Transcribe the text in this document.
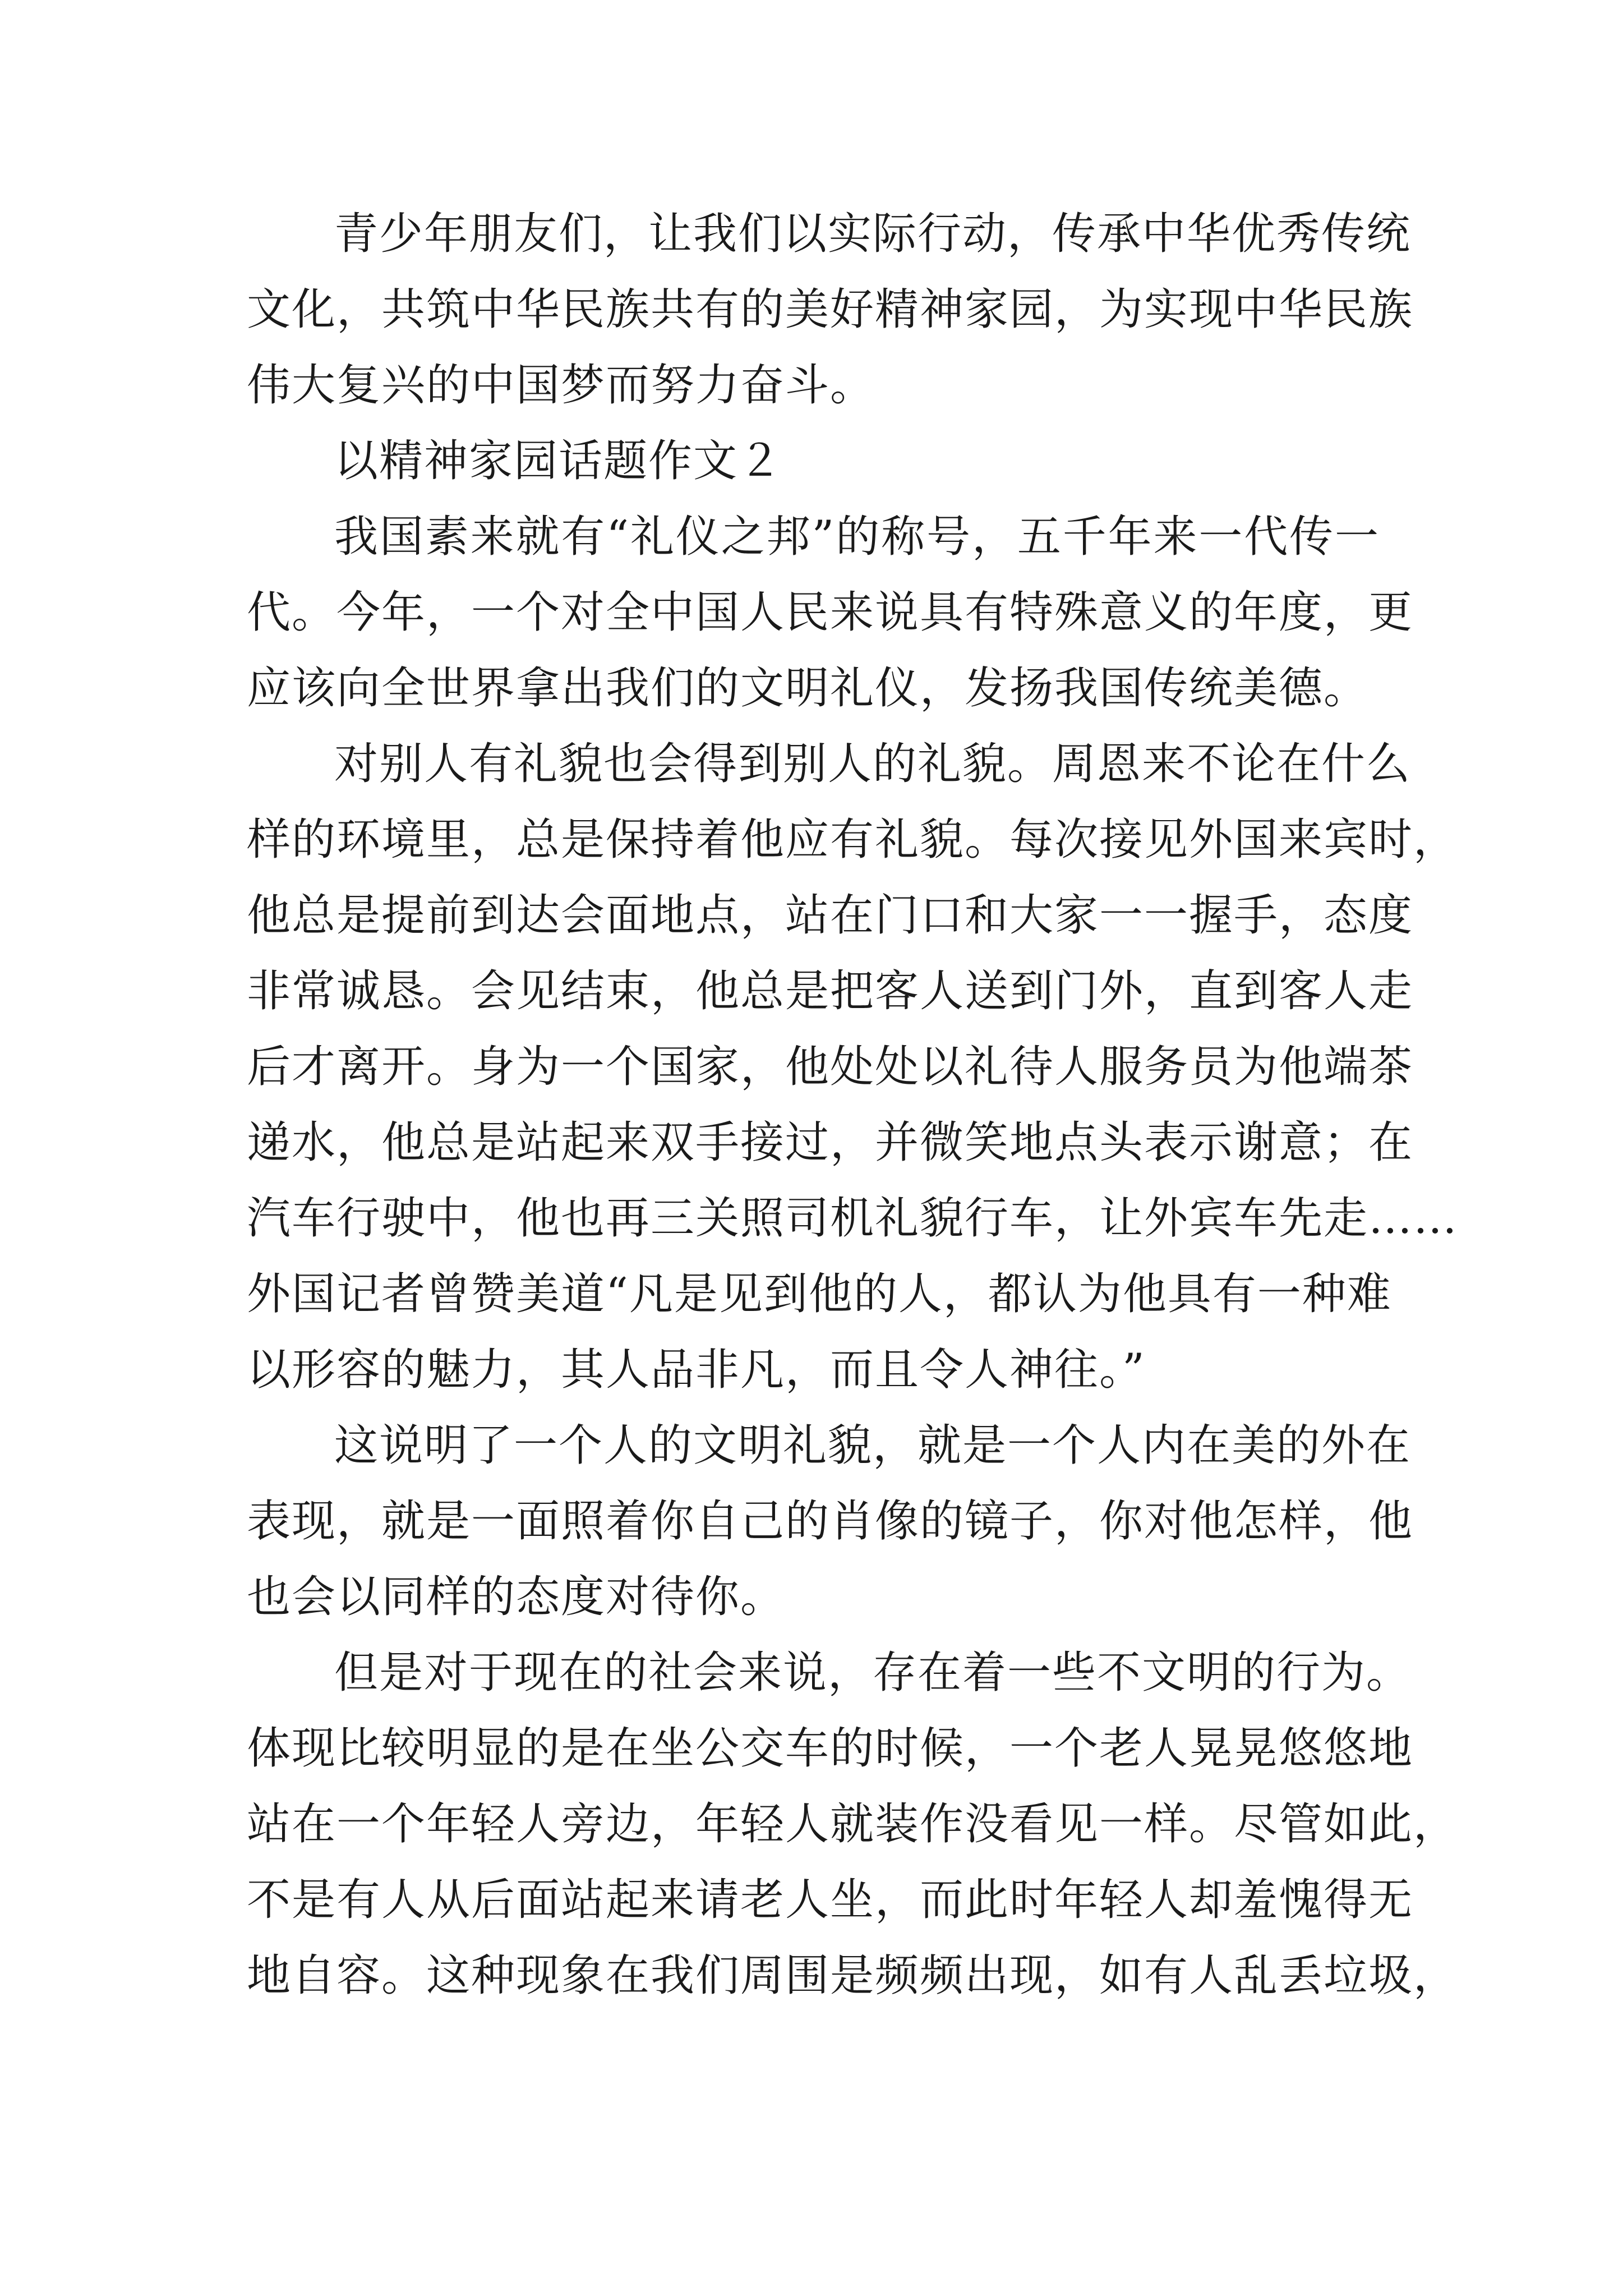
青少年朋友们，让我们以实际行动，传承中华优秀传统
文化，共筑中华民族共有的美好精神家园，为实现中华民族
伟大复兴的中国梦而努力奋斗。
以精神家园话题作文２
我国素来就有“礼仪之邦”的称号，五千年来一代传一
代。今年，一个对全中国人民来说具有特殊意义的年度，更
应该向全世界拿出我们的文明礼仪，发扬我国传统美德。
对别人有礼貌也会得到别人的礼貌。周恩来不论在什么
样的环境里，总是保持着他应有礼貌。每次接见外国来宾时，
他总是提前到达会面地点，站在门口和大家一一握手，态度
非常诚恳。会见结束，他总是把客人送到门外，直到客人走
后才离开。身为一个国家，他处处以礼待人服务员为他端茶
递水，他总是站起来双手接过，并微笑地点头表示谢意；在
汽车行驶中，他也再三关照司机礼貌行车，让外宾车先走……
外国记者曾赞美道“凡是见到他的人，都认为他具有一种难
以形容的魅力，其人品非凡，而且令人神往。”
这说明了一个人的文明礼貌，就是一个人内在美的外在
表现，就是一面照着你自己的肖像的镜子，你对他怎样，他
也会以同样的态度对待你。
但是对于现在的社会来说，存在着一些不文明的行为。
体现比较明显的是在坐公交车的时候，一个老人晃晃悠悠地
站在一个年轻人旁边，年轻人就装作没看见一样。尽管如此，
不是有人从后面站起来请老人坐，而此时年轻人却羞愧得无
地自容。这种现象在我们周围是频频出现，如有人乱丢垃圾，
